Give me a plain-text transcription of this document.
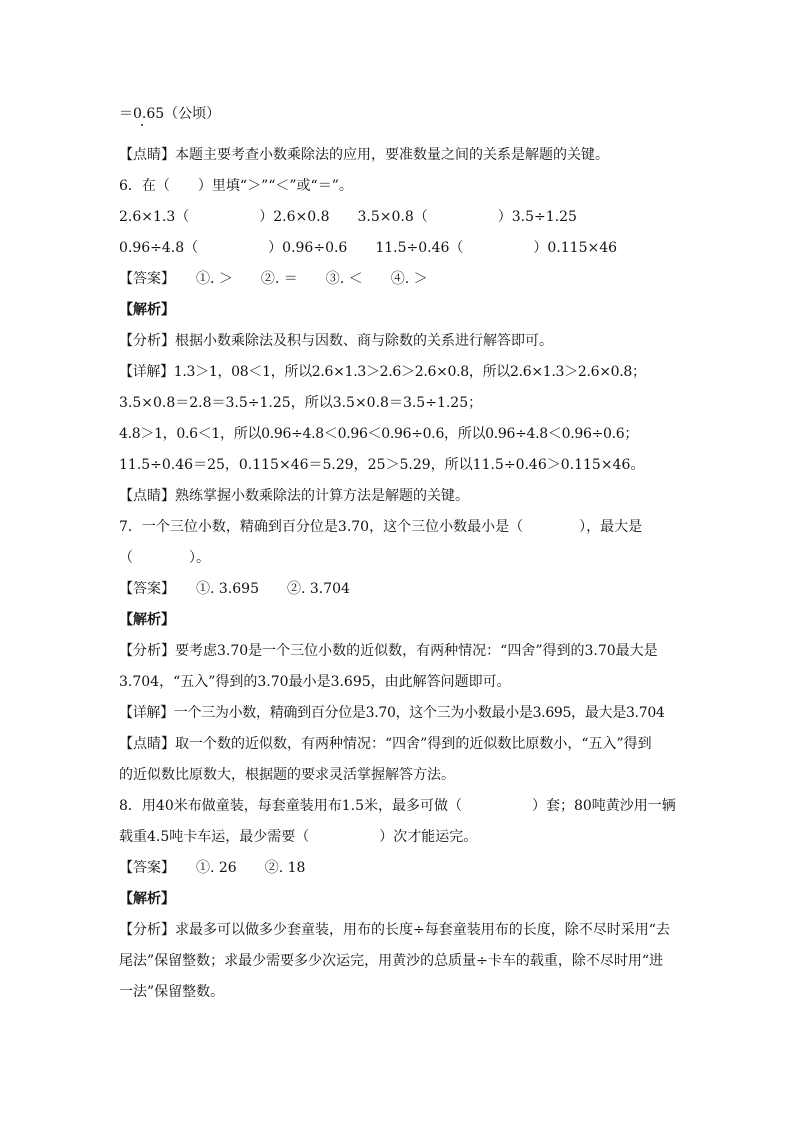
＝0.65（公顷）
【点睛】本题主要考查小数乘除法的应用，要准数量之间的关系是解题的关键。
6．在（　　）里填“＞”“＜”或“＝”。
2.6×1.3（　　　　　）2.6×0.8　　3.5×0.8（　　　　　）3.5÷1.25
0.96÷4.8（　　　　　）0.96÷0.6　　11.5÷0.46（　　　　　）0.115×46
【答案】　　①. ＞　　②. ＝　　③. ＜　　④. ＞
【解析】
【分析】根据小数乘除法及积与因数、商与除数的关系进行解答即可。
【详解】1.3＞1，08＜1，所以2.6×1.3＞2.6＞2.6×0.8，所以2.6×1.3＞2.6×0.8；
3.5×0.8＝2.8＝3.5÷1.25，所以3.5×0.8＝3.5÷1.25；
4.8＞1，0.6＜1，所以0.96÷4.8＜0.96＜0.96÷0.6，所以0.96÷4.8＜0.96÷0.6；
11.5÷0.46＝25，0.115×46＝5.29，25＞5.29，所以11.5÷0.46＞0.115×46。
【点睛】熟练掌握小数乘除法的计算方法是解题的关键。
7．一个三位小数，精确到百分位是3.70，这个三位小数最小是（　　　　），最大是
（　　　　）。
【答案】　　①. 3.695　　②. 3.704
【解析】
【分析】要考虑3.70是一个三位小数的近似数，有两种情况：“四舍”得到的3.70最大是
3.704，“五入”得到的3.70最小是3.695，由此解答问题即可。
【详解】一个三为小数，精确到百分位是3.70，这个三为小数最小是3.695，最大是3.704
【点睛】取一个数的近似数，有两种情况：“四舍”得到的近似数比原数小，“五入”得到
的近似数比原数大，根据题的要求灵活掌握解答方法。
8．用40米布做童装，每套童装用布1.5米，最多可做（　　　　　）套；80吨黄沙用一辆
载重4.5吨卡车运，最少需要（　　　　　）次才能运完。
【答案】　　①. 26　　②. 18
【解析】
【分析】求最多可以做多少套童装，用布的长度÷每套童装用布的长度，除不尽时采用“去
尾法”保留整数；求最少需要多少次运完，用黄沙的总质量÷卡车的载重，除不尽时用“进
一法”保留整数。
